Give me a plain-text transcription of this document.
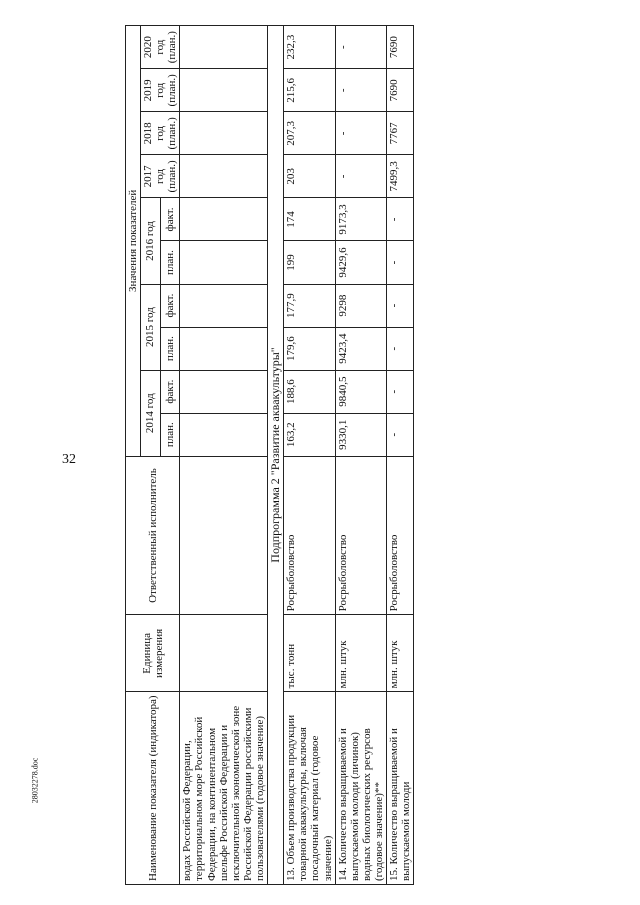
32
Наименование показателя (индикатора)	Единица измерения	Ответственный исполнитель	Значения показателей									
			2014 год		2015 год		2016 год		2017 год (план.)	2018 год (план.)	2019 год (план.)	2020 год (план.)
			план.	факт.	план.	факт.	план.	факт.				
водах Российской Федерации, территориальном море Российской Федерации, на континентальном шельфе Российской Федерации и исключительной экономической зоне Российской Федерации российскими пользователями (годовое значение)												
Подпрограмма 2 "Развитие аквакультуры"												
13. Объем производства продукции товарной аквакультуры, включая посадочный материал (годовое значение)	тыс. тонн	Росрыболовство	163,2	188,6	179,6	177,9	199	174	203	207,3	215,6	232,3
14. Количество выращиваемой и выпускаемой молоди (личинок) водных биологических ресурсов (годовое значение)**	млн. штук	Росрыболовство	9330,1	9840,5	9423,4	9298	9429,6	9173,3	-	-	-	-
15. Количество выращиваемой и выпускаемой молоди	млн. штук	Росрыболовство	-	-	-	-	-	-	7499,3	7767	7690	7690
28032278.doc
